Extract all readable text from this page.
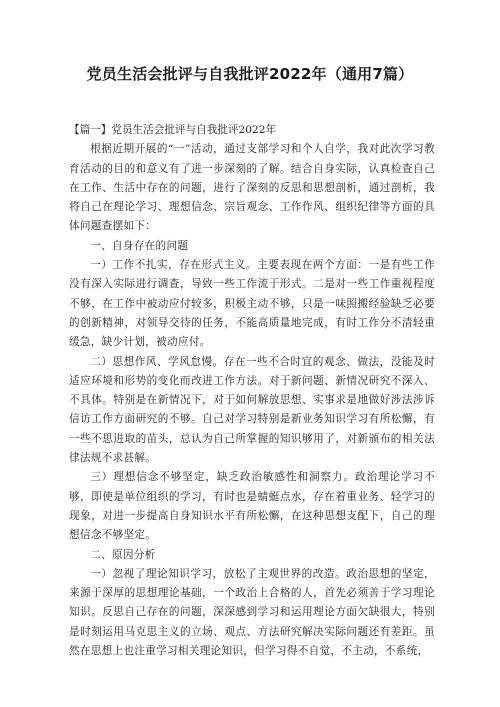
党员生活会批评与自我批评2022年（通用7篇）

【篇一】党员生活会批评与自我批评2022年

根据近期开展的“一”活动，通过支部学习和个人自学，我对此次学习教育活动的目的和意义有了进一步深刻的了解。结合自身实际，认真检查自己在工作、生活中存在的问题，进行了深刻的反思和思想剖析，通过剖析，我将自己在理论学习、理想信念、宗旨观念、工作作风、组织纪律等方面的具体问题查摆如下：

一、自身存在的问题

一）工作不扎实，存在形式主义。主要表现在两个方面：一是有些工作没有深入实际进行调查，导致一些工作流于形式。二是对一些工作重视程度不够，在工作中被动应付较多，积极主动不够，只是一味照搬经验缺乏必要的创新精神，对领导交待的任务，不能高质量地完成，有时工作分不清轻重缓急，缺少计划，被动应付。

二）思想作风、学风怠慢。存在一些不合时宜的观念、做法，没能及时适应环境和形势的变化而改进工作方法。对于新问题、新情况研究不深入、不具体。特别是在新情况下，对于如何解放思想、实事求是地做好涉法涉诉信访工作方面研究的不够。自己对学习特别是新业务知识学习有所松懈，有一些不思进取的苗头，总认为自己所掌握的知识够用了，对新颁布的相关法律法规不求甚解。

三）理想信念不够坚定，缺乏政治敏感性和洞察力。政治理论学习不够，即使是单位组织的学习，有时也是蜻蜓点水，存在着重业务、轻学习的现象，对进一步提高自身知识水平有所松懈，在这种思想支配下，自己的理想信念不够坚定。

二、原因分析

一）忽视了理论知识学习，放松了主观世界的改造。政治思想的坚定，来源于深厚的思想理论基础，一个政治上合格的人，首先必须善于学习理论知识。反思自己存在的问题，深深感到学习和运用理论方面欠缺很大，特别是时刻运用马克思主义的立场、观点、方法研究解决实际问题还有差距。虽然在思想上也注重学习相关理论知识，但学习得不自觉，不主动，不系统，
